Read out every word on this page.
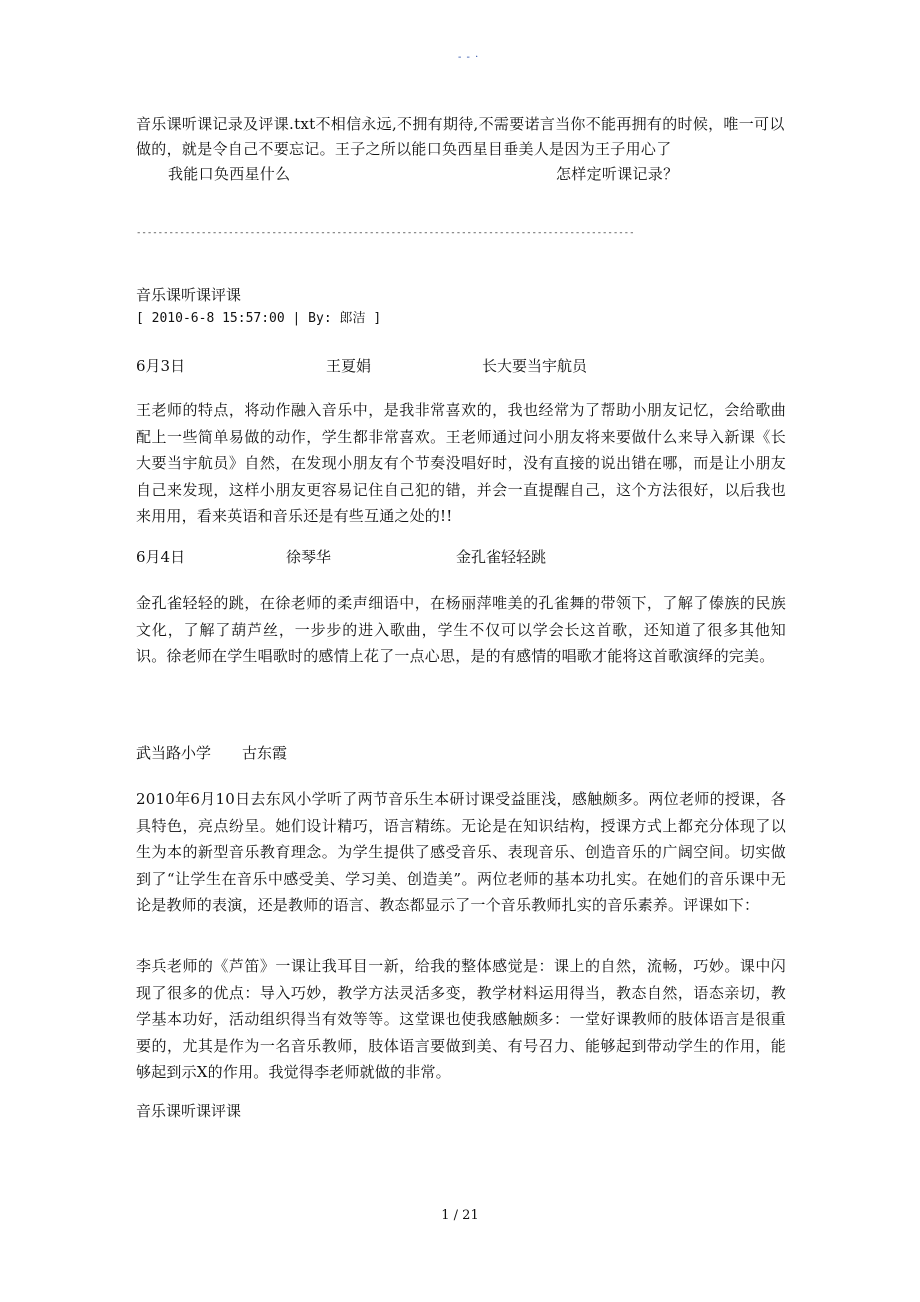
- - ·
音乐课听课记录及评课.txt不相信永远,不拥有期待,不需要诺言当你不能再拥有的时候，唯一可以做的，就是令自己不要忘记。王子之所以能口奂西星目垂美人是因为王子用心了
我能口奂西星什么	怎样定听课记录？
--------------------------------------------------------------------------------------------
音乐课听课评课
[ 2010-6-8 15:57:00 | By: 郎洁 ]
6月3日	王夏娟	长大要当宇航员
王老师的特点，将动作融入音乐中，是我非常喜欢的，我也经常为了帮助小朋友记忆，会给歌曲配上一些简单易做的动作，学生都非常喜欢。王老师通过问小朋友将来要做什么来导入新课《长大要当宇航员》自然，在发现小朋友有个节奏没唱好时，没有直接的说出错在哪，而是让小朋友自己来发现，这样小朋友更容易记住自己犯的错，并会一直提醒自己，这个方法很好，以后我也来用用，看来英语和音乐还是有些互通之处的!!
6月4日	徐琴华	金孔雀轻轻跳
金孔雀轻轻的跳，在徐老师的柔声细语中，在杨丽萍唯美的孔雀舞的带领下，了解了傣族的民族文化，了解了葫芦丝，一步步的进入歌曲，学生不仅可以学会长这首歌，还知道了很多其他知识。徐老师在学生唱歌时的感情上花了一点心思，是的有感情的唱歌才能将这首歌演绎的完美。
武当路小学 古东霞
2010年6月10日去东风小学听了两节音乐生本研讨课受益匪浅，感触颇多。两位老师的授课，各具特色，亮点纷呈。她们设计精巧，语言精练。无论是在知识结构，授课方式上都充分体现了以生为本的新型音乐教育理念。为学生提供了感受音乐、表现音乐、创造音乐的广阔空间。切实做到了“让学生在音乐中感受美、学习美、创造美”。两位老师的基本功扎实。在她们的音乐课中无论是教师的表演，还是教师的语言、教态都显示了一个音乐教师扎实的音乐素养。评课如下：
李兵老师的《芦笛》一课让我耳目一新，给我的整体感觉是：课上的自然，流畅，巧妙。课中闪现了很多的优点：导入巧妙，教学方法灵活多变，教学材料运用得当，教态自然，语态亲切，教学基本功好，活动组织得当有效等等。这堂课也使我感触颇多：一堂好课教师的肢体语言是很重要的，尤其是作为一名音乐教师，肢体语言要做到美、有号召力、能够起到带动学生的作用，能够起到示X的作用。我觉得李老师就做的非常。
音乐课听课评课
1 / 21
